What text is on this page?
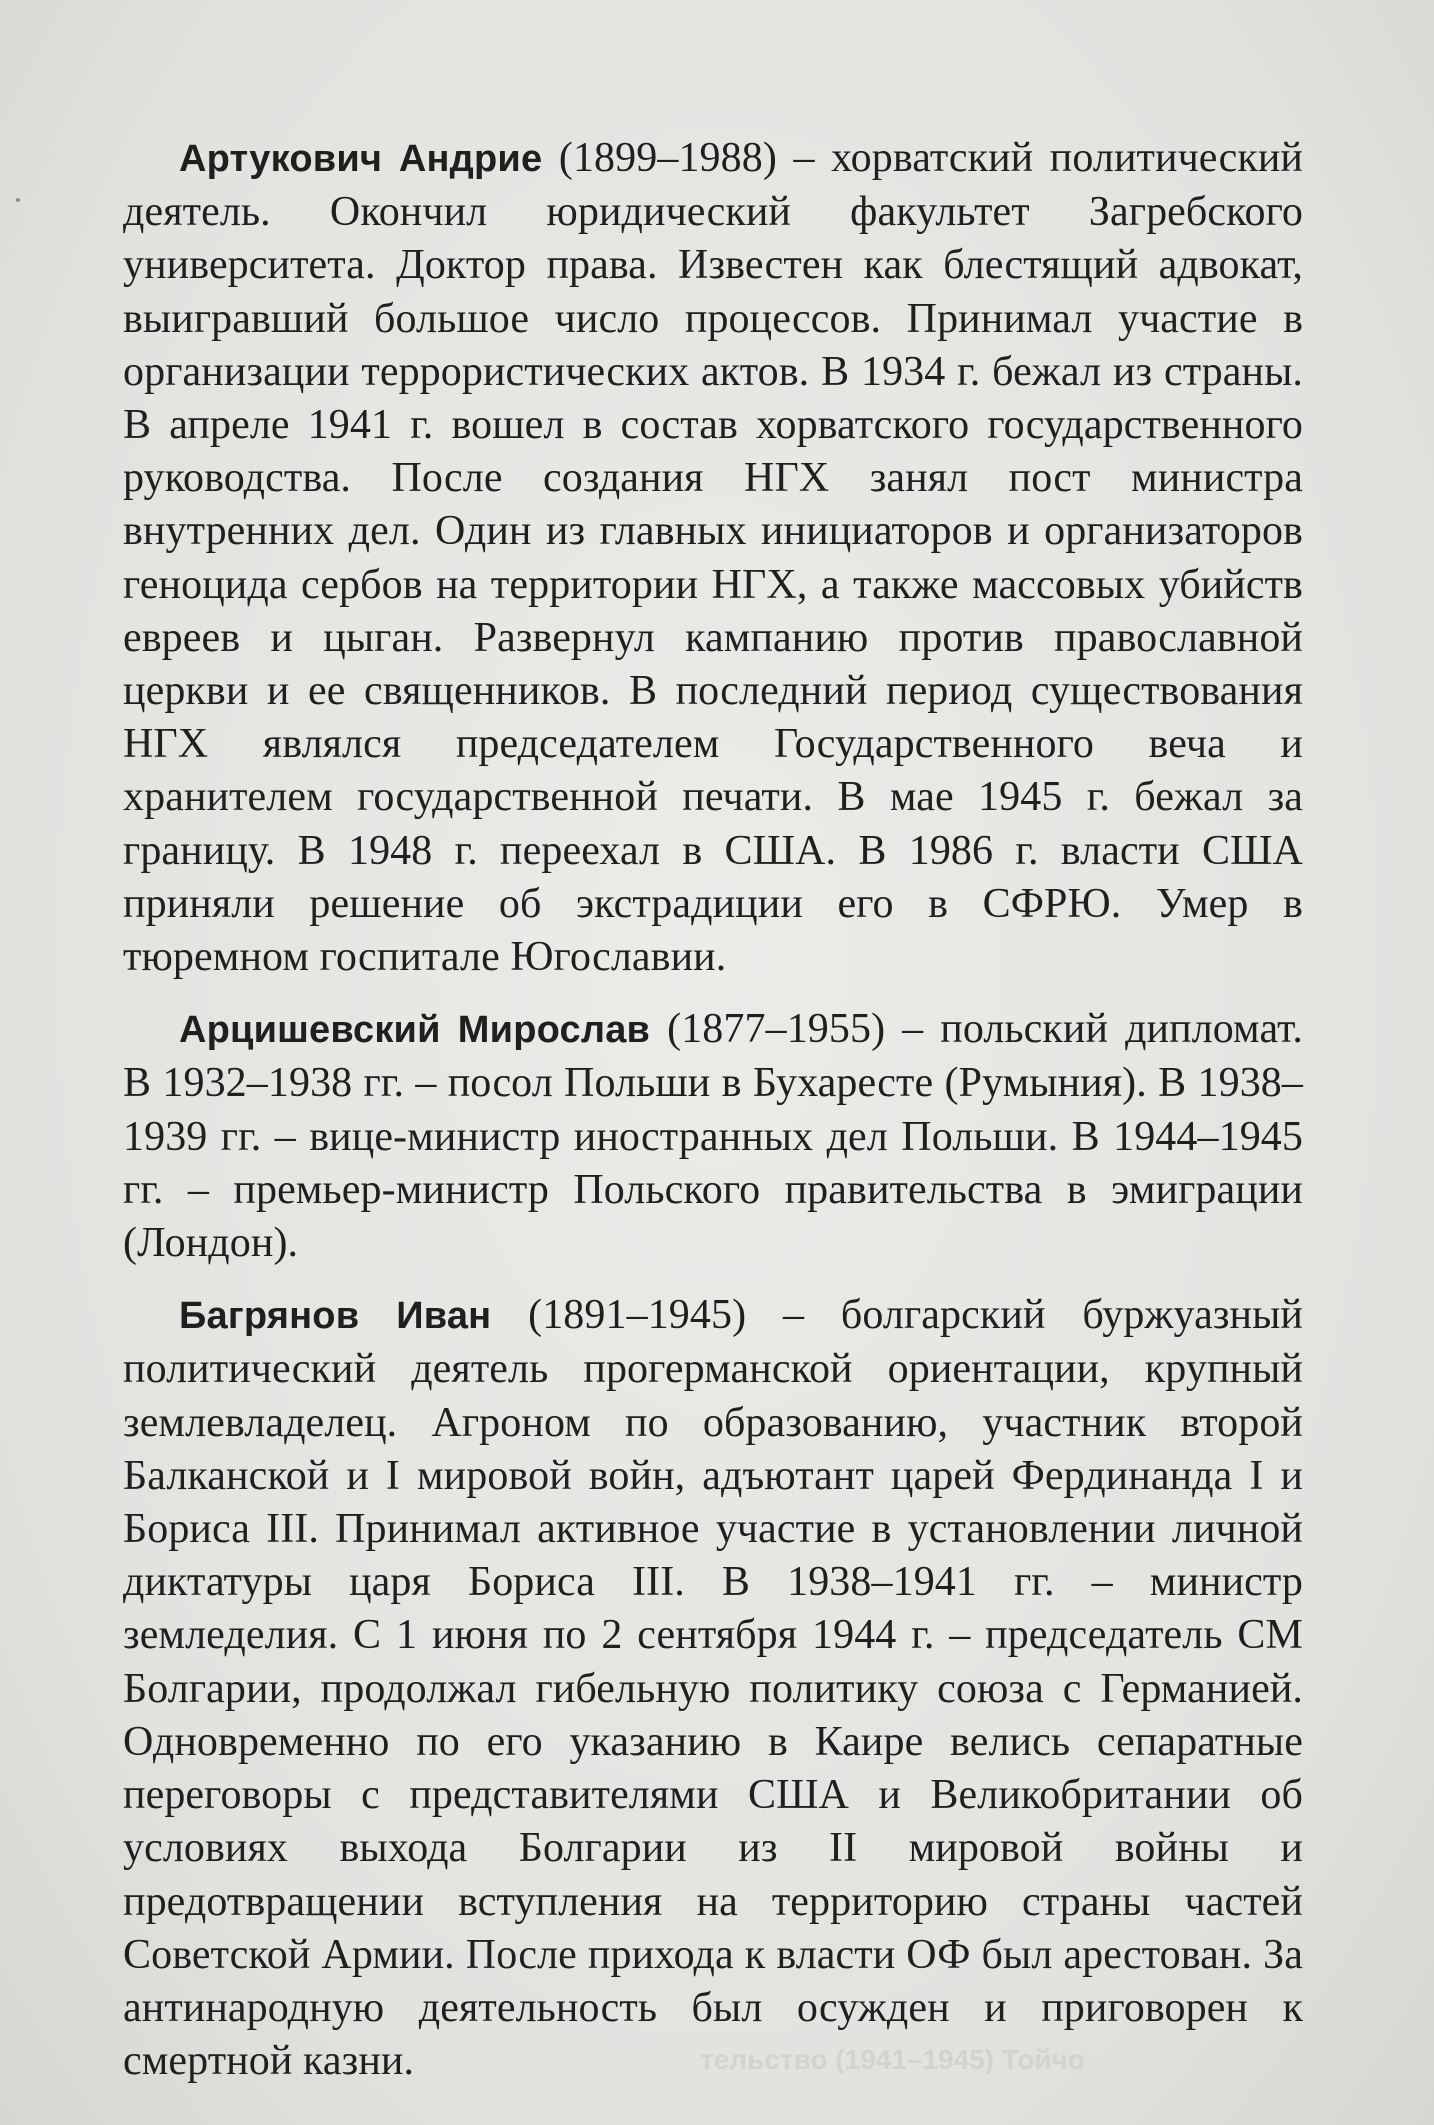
Артукович Андрие (1899–1988) – хорватский политический деятель. Окончил юридический факультет Загребского университета. Доктор права. Известен как блестящий адвокат, выигравший большое число процессов. Принимал участие в организации террористических актов. В 1934 г. бежал из страны. В апреле 1941 г. вошел в состав хорватского государственного руководства. После создания НГХ занял пост министра внутренних дел. Один из главных инициаторов и организаторов геноцида сербов на территории НГХ, а также массовых убийств евреев и цыган. Развернул кампанию против православной церкви и ее священников. В последний период существования НГХ являлся председателем Государственного веча и хранителем государственной печати. В мае 1945 г. бежал за границу. В 1948 г. переехал в США. В 1986 г. власти США приняли решение об экстрадиции его в СФРЮ. Умер в тюремном госпитале Югославии.

Арцишевский Мирослав (1877–1955) – польский дипломат. В 1932–1938 гг. – посол Польши в Бухаресте (Румыния). В 1938–1939 гг. – вице-министр иностранных дел Польши. В 1944–1945 гг. – премьер-министр Польского правительства в эмиграции (Лондон).

Багрянов Иван (1891–1945) – болгарский буржуазный политический деятель прогерманской ориентации, крупный землевладелец. Агроном по образованию, участник второй Балканской и I мировой войн, адъютант царей Фердинанда I и Бориса III. Принимал активное участие в установлении личной диктатуры царя Бориса III. В 1938–1941 гг. – министр земледелия. С 1 июня по 2 сентября 1944 г. – председатель СМ Болгарии, продолжал гибельную политику союза с Германией. Одновременно по его указанию в Каире велись сепаратные переговоры с представителями США и Великобритании об условиях выхода Болгарии из II мировой войны и предотвращении вступления на территорию страны частей Советской Армии. После прихода к власти ОФ был арестован. За антинародную деятельность был осужден и приговорен к смертной казни.	тельство (1941–1945) Тойчо
